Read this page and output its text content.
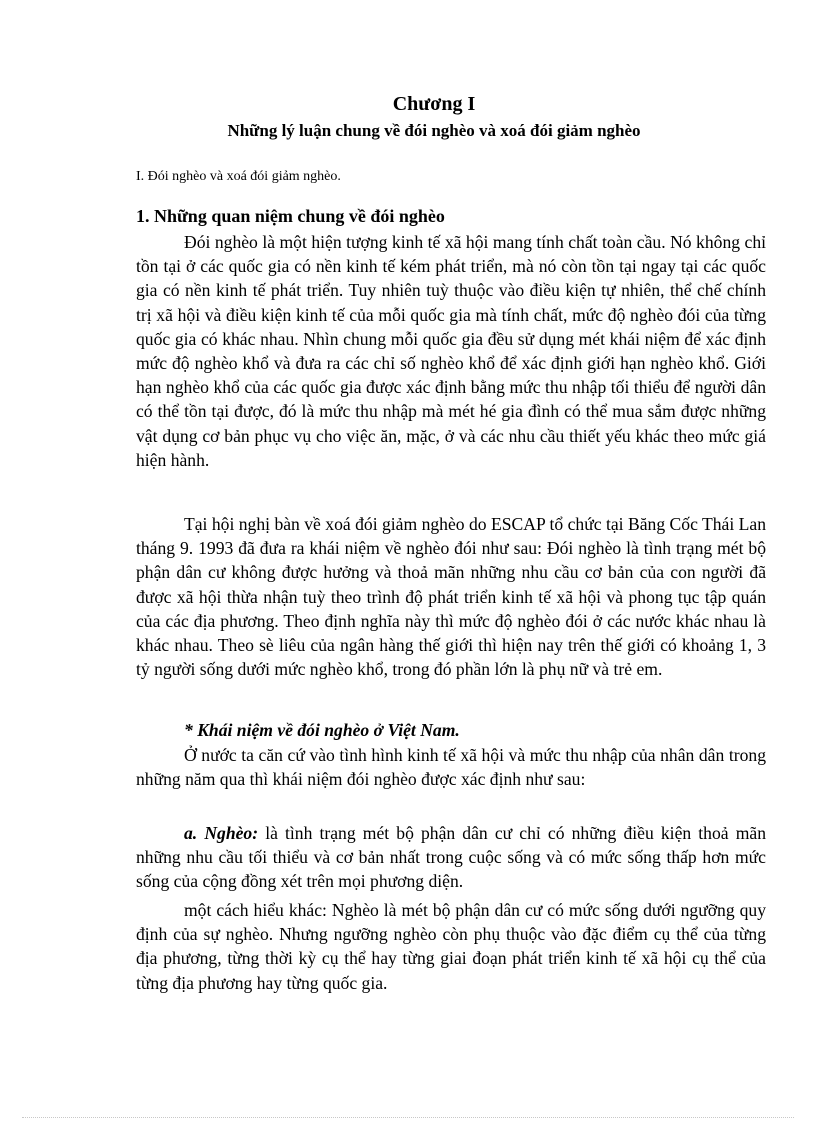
Chương I
Những lý luận chung về đói nghèo và xoá đói giảm nghèo

I. Đói nghèo và xoá đói giảm nghèo.

1. Những quan niệm chung về đói nghèo

Đói nghèo là một hiện tượng kinh tế xã hội mang tính chất toàn cầu. Nó không chỉ tồn tại ở các quốc gia có nền kinh tế kém phát triển, mà nó còn tồn tại ngay tại các quốc gia có nền kinh tế phát triển. Tuy nhiên tuỳ thuộc vào điều kiện tự nhiên, thể chế chính trị xã hội và điều kiện kinh tế của mỗi quốc gia mà tính chất, mức độ nghèo đói của từng quốc gia có khác nhau. Nhìn chung mỗi quốc gia đều sử dụng mét khái niệm để xác định mức độ nghèo khổ và đưa ra các chỉ số nghèo khổ để xác định giới hạn nghèo khổ. Giới hạn nghèo khổ của các quốc gia được xác định bằng mức thu nhập tối thiểu để người dân có thể tồn tại được, đó là mức thu nhập mà mét hé gia đình có thể mua sắm được những vật dụng cơ bản phục vụ cho việc ăn, mặc, ở và các nhu cầu thiết yếu khác theo mức giá hiện hành.

Tại hội nghị bàn về xoá đói giảm nghèo do ESCAP tổ chức tại Băng Cốc Thái Lan tháng 9. 1993 đã đưa ra khái niệm về nghèo đói như sau: Đói nghèo là tình trạng mét bộ phận dân cư không được hưởng và thoả mãn những nhu cầu cơ bản của con người đã được xã hội thừa nhận tuỳ theo trình độ phát triển kinh tế xã hội và phong tục tập quán của các địa phương. Theo định nghĩa này thì mức độ nghèo đói ở các nước khác nhau là khác nhau. Theo sè liêu của ngân hàng thế giới thì hiện nay trên thế giới có khoảng 1, 3 tỷ người sống dưới mức nghèo khổ, trong đó phần lớn là phụ nữ và trẻ em.

* Khái niệm về đói nghèo ở Việt Nam.

Ở nước ta căn cứ vào tình hình kinh tế xã hội và mức thu nhập của nhân dân trong những năm qua thì khái niệm đói nghèo được xác định như sau:

a. Nghèo: là tình trạng mét bộ phận dân cư chỉ có những điều kiện thoả mãn những nhu cầu tối thiểu và cơ bản nhất trong cuộc sống và có mức sống thấp hơn mức sống của cộng đồng xét trên mọi phương diện.

một cách hiểu khác: Nghèo là mét bộ phận dân cư có mức sống dưới ngưỡng quy định của sự nghèo. Nhưng ngưỡng nghèo còn phụ thuộc vào đặc điểm cụ thể của từng địa phương, từng thời kỳ cụ thể hay từng giai đoạn phát triển kinh tế xã hội cụ thể của từng địa phương hay từng quốc gia.
